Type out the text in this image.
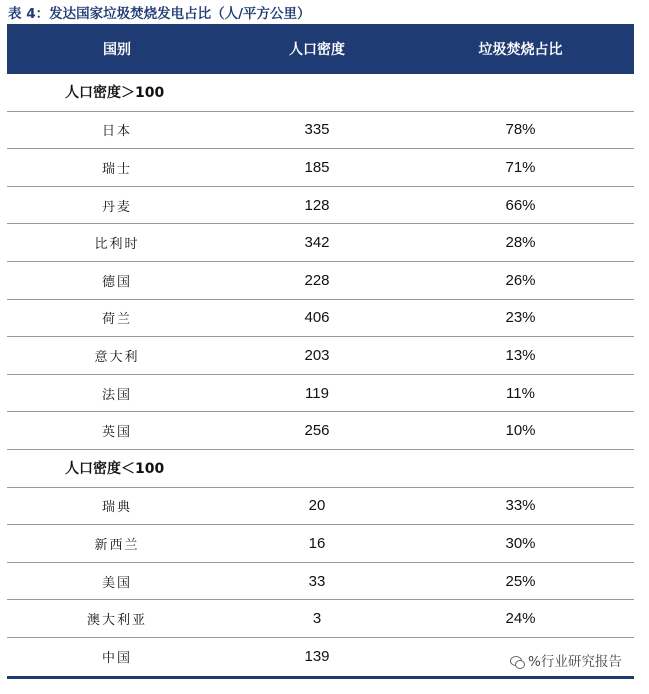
表 4：发达国家垃圾焚烧发电占比（人/平方公里）
国别	人口密度	垃圾焚烧占比
人口密度＞100
日本	335	78%
瑞士	185	71%
丹麦	128	66%
比利时	342	28%
德国	228	26%
荷兰	406	23%
意大利	203	13%
法国	119	11%
英国	256	10%
人口密度＜100
瑞典	20	33%
新西兰	16	30%
美国	33	25%
澳大利亚	3	24%
中国	139	%行业研究报告
